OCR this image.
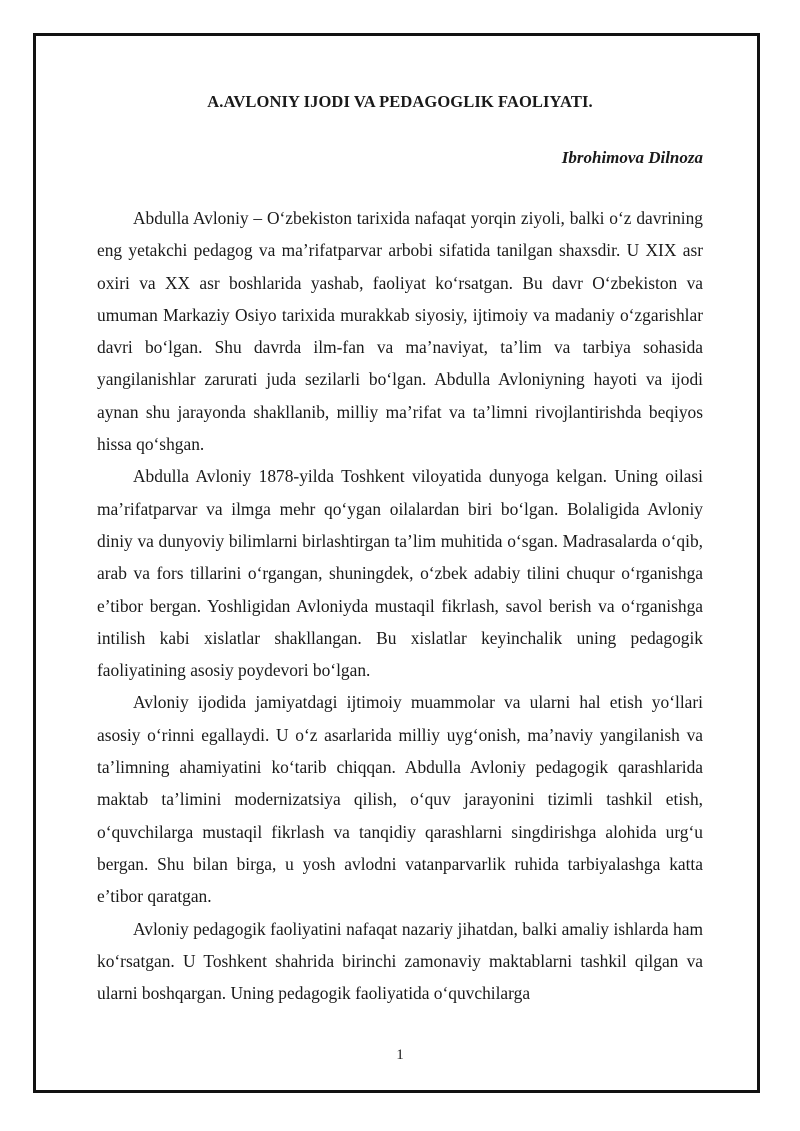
A.AVLONIY IJODI VA PEDAGOGLIK FAOLIYATI.

Ibrohimova Dilnoza

Abdulla Avloniy – O‘zbekiston tarixida nafaqat yorqin ziyoli, balki o‘z davrining eng yetakchi pedagog va ma’rifatparvar arbobi sifatida tanilgan shaxsdir. U XIX asr oxiri va XX asr boshlarida yashab, faoliyat ko‘rsatgan. Bu davr O‘zbekiston va umuman Markaziy Osiyo tarixida murakkab siyosiy, ijtimoiy va madaniy o‘zgarishlar davri bo‘lgan. Shu davrda ilm-fan va ma’naviyat, ta’lim va tarbiya sohasida yangilanishlar zarurati juda sezilarli bo‘lgan. Abdulla Avloniyning hayoti va ijodi aynan shu jarayonda shakllanib, milliy ma’rifat va ta’limni rivojlantirishda beqiyos hissa qo‘shgan.

Abdulla Avloniy 1878-yilda Toshkent viloyatida dunyoga kelgan. Uning oilasi ma’rifatparvar va ilmga mehr qo‘ygan oilalardan biri bo‘lgan. Bolaligida Avloniy diniy va dunyoviy bilimlarni birlashtirgan ta’lim muhitida o‘sgan. Madrasalarda o‘qib, arab va fors tillarini o‘rgangan, shuningdek, o‘zbek adabiy tilini chuqur o‘rganishga e’tibor bergan. Yoshligidan Avloniyda mustaqil fikrlash, savol berish va o‘rganishga intilish kabi xislatlar shakllangan. Bu xislatlar keyinchalik uning pedagogik faoliyatining asosiy poydevori bo‘lgan.

Avloniy ijodida jamiyatdagi ijtimoiy muammolar va ularni hal etish yo‘llari asosiy o‘rinni egallaydi. U o‘z asarlarida milliy uyg‘onish, ma’naviy yangilanish va ta’limning ahamiyatini ko‘tarib chiqqan. Abdulla Avloniy pedagogik qarashlarida maktab ta’limini modernizatsiya qilish, o‘quv jarayonini tizimli tashkil etish, o‘quvchilarga mustaqil fikrlash va tanqidiy qarashlarni singdirishga alohida urg‘u bergan. Shu bilan birga, u yosh avlodni vatanparvarlik ruhida tarbiyalashga katta e’tibor qaratgan.

Avloniy pedagogik faoliyatini nafaqat nazariy jihatdan, balki amaliy ishlarda ham ko‘rsatgan. U Toshkent shahrida birinchi zamonaviy maktablarni tashkil qilgan va ularni boshqargan. Uning pedagogik faoliyatida o‘quvchilarga

1
